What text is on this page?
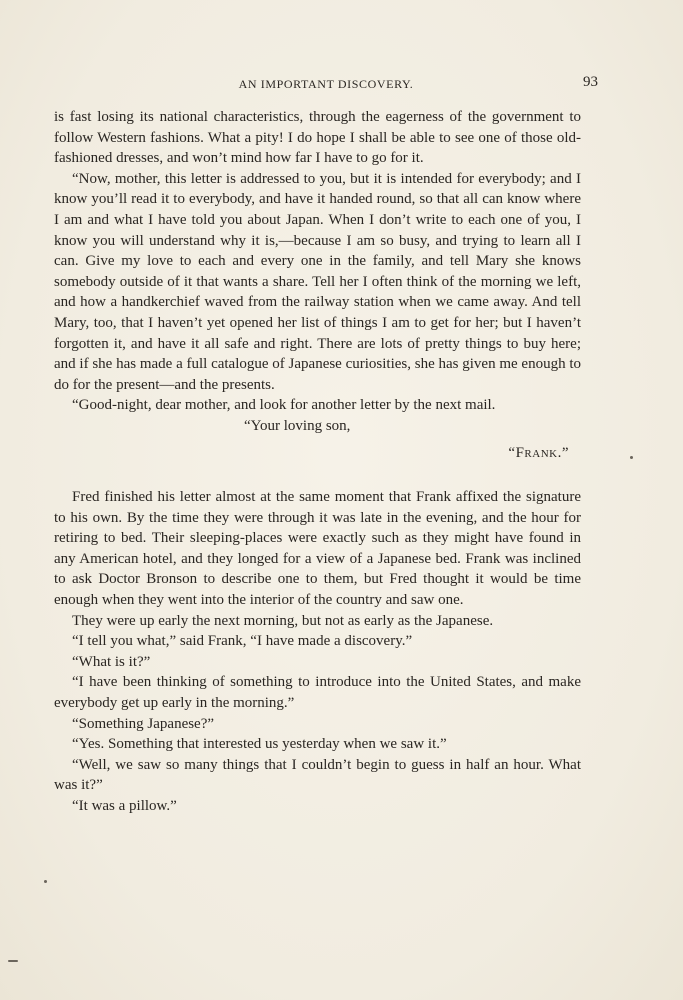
AN IMPORTANT DISCOVERY.	93

is fast losing its national characteristics, through the eagerness of the government to follow Western fashions. What a pity! I do hope I shall be able to see one of those old-fashioned dresses, and won’t mind how far I have to go for it.

“Now, mother, this letter is addressed to you, but it is intended for everybody; and I know you’ll read it to everybody, and have it handed round, so that all can know where I am and what I have told you about Japan. When I don’t write to each one of you, I know you will understand why it is,—because I am so busy, and trying to learn all I can. Give my love to each and every one in the family, and tell Mary she knows somebody outside of it that wants a share. Tell her I often think of the morning we left, and how a handkerchief waved from the railway station when we came away. And tell Mary, too, that I haven’t yet opened her list of things I am to get for her; but I haven’t forgotten it, and have it all safe and right. There are lots of pretty things to buy here; and if she has made a full catalogue of Japanese curiosities, she has given me enough to do for the present—and the presents.

“Good-night, dear mother, and look for another letter by the next mail.

“Your loving son,

“Frank.”

Fred finished his letter almost at the same moment that Frank affixed the signature to his own. By the time they were through it was late in the evening, and the hour for retiring to bed. Their sleeping-places were exactly such as they might have found in any American hotel, and they longed for a view of a Japanese bed. Frank was inclined to ask Doctor Bronson to describe one to them, but Fred thought it would be time enough when they went into the interior of the country and saw one.

They were up early the next morning, but not as early as the Japanese.

“I tell you what,” said Frank, “I have made a discovery.”

“What is it?”

“I have been thinking of something to introduce into the United States, and make everybody get up early in the morning.”

“Something Japanese?”

“Yes. Something that interested us yesterday when we saw it.”

“Well, we saw so many things that I couldn’t begin to guess in half an hour. What was it?”

“It was a pillow.”
